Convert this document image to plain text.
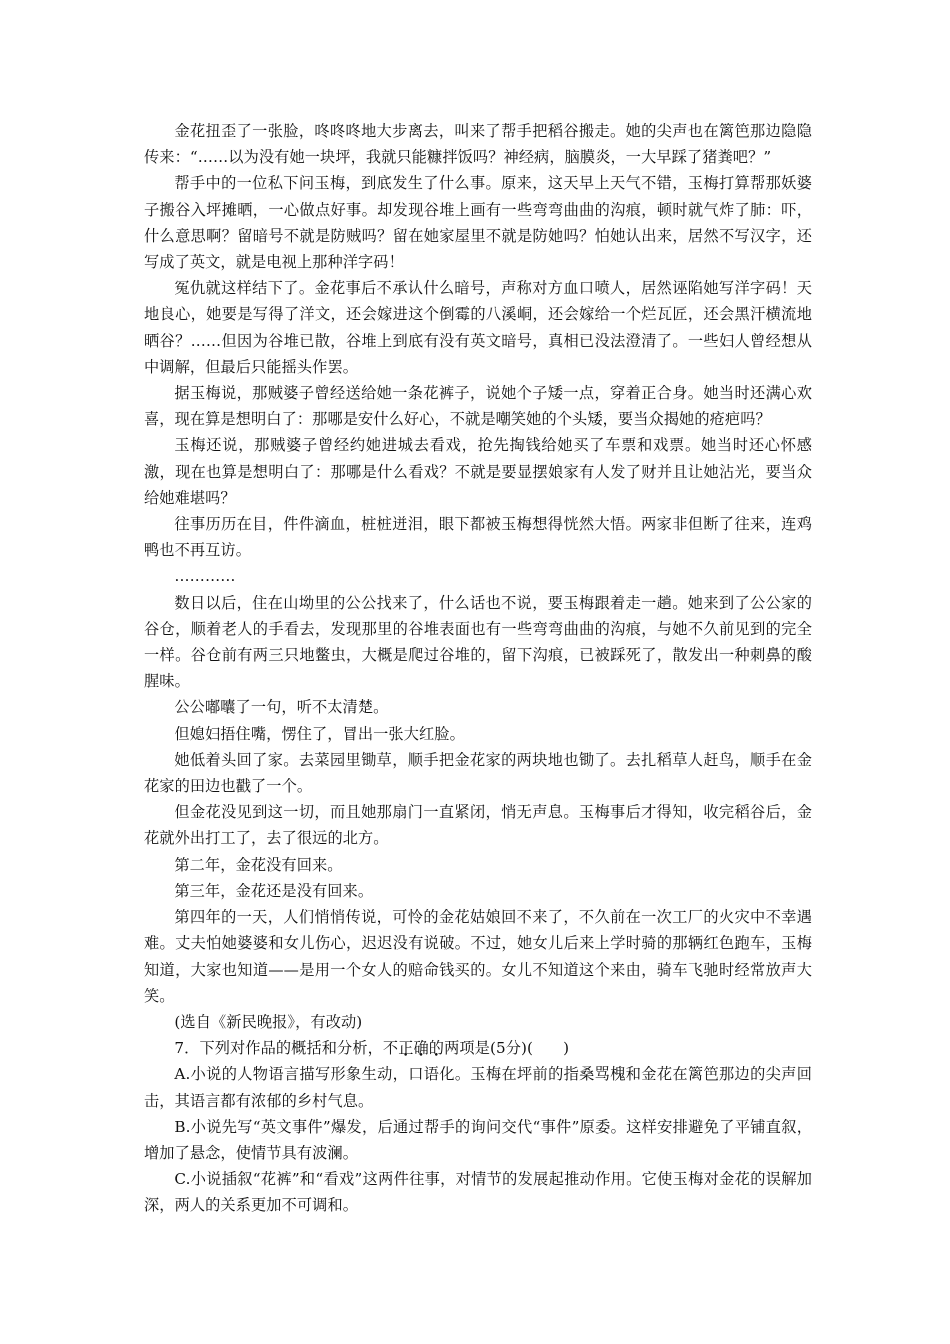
金花扭歪了一张脸，咚咚咚地大步离去，叫来了帮手把稻谷搬走。她的尖声也在篱笆那边隐隐传来：“……以为没有她一块坪，我就只能糠拌饭吗？神经病，脑膜炎，一大早踩了猪粪吧？”

帮手中的一位私下问玉梅，到底发生了什么事。原来，这天早上天气不错，玉梅打算帮那妖婆子搬谷入坪摊晒，一心做点好事。却发现谷堆上画有一些弯弯曲曲的沟痕，顿时就气炸了肺：吓，什么意思啊？留暗号不就是防贼吗？留在她家屋里不就是防她吗？怕她认出来，居然不写汉字，还写成了英文，就是电视上那种洋字码！

冤仇就这样结下了。金花事后不承认什么暗号，声称对方血口喷人，居然诬陷她写洋字码！天地良心，她要是写得了洋文，还会嫁进这个倒霉的八溪峒，还会嫁给一个烂瓦匠，还会黑汗横流地晒谷？……但因为谷堆已散，谷堆上到底有没有英文暗号，真相已没法澄清了。一些妇人曾经想从中调解，但最后只能摇头作罢。

据玉梅说，那贼婆子曾经送给她一条花裤子，说她个子矮一点，穿着正合身。她当时还满心欢喜，现在算是想明白了：那哪是安什么好心，不就是嘲笑她的个头矮，要当众揭她的疮疤吗？

玉梅还说，那贼婆子曾经约她进城去看戏，抢先掏钱给她买了车票和戏票。她当时还心怀感激，现在也算是想明白了：那哪是什么看戏？不就是要显摆娘家有人发了财并且让她沾光，要当众给她难堪吗？

往事历历在目，件件滴血，桩桩迸泪，眼下都被玉梅想得恍然大悟。两家非但断了往来，连鸡鸭也不再互访。

…………

数日以后，住在山坳里的公公找来了，什么话也不说，要玉梅跟着走一趟。她来到了公公家的谷仓，顺着老人的手看去，发现那里的谷堆表面也有一些弯弯曲曲的沟痕，与她不久前见到的完全一样。谷仓前有两三只地鳖虫，大概是爬过谷堆的，留下沟痕，已被踩死了，散发出一种刺鼻的酸腥味。

公公嘟囔了一句，听不太清楚。

但媳妇捂住嘴，愣住了，冒出一张大红脸。

她低着头回了家。去菜园里锄草，顺手把金花家的两块地也锄了。去扎稻草人赶鸟，顺手在金花家的田边也戳了一个。

但金花没见到这一切，而且她那扇门一直紧闭，悄无声息。玉梅事后才得知，收完稻谷后，金花就外出打工了，去了很远的北方。

第二年，金花没有回来。

第三年，金花还是没有回来。

第四年的一天，人们悄悄传说，可怜的金花姑娘回不来了，不久前在一次工厂的火灾中不幸遇难。丈夫怕她婆婆和女儿伤心，迟迟没有说破。不过，她女儿后来上学时骑的那辆红色跑车，玉梅知道，大家也知道——是用一个女人的赔命钱买的。女儿不知道这个来由，骑车飞驰时经常放声大笑。

(选自《新民晚报》，有改动)

7．下列对作品的概括和分析，不正确的两项是(5分)( )

A.小说的人物语言描写形象生动，口语化。玉梅在坪前的指桑骂槐和金花在篱笆那边的尖声回击，其语言都有浓郁的乡村气息。

B.小说先写“英文事件”爆发，后通过帮手的询问交代“事件”原委。这样安排避免了平铺直叙，增加了悬念，使情节具有波澜。

C.小说插叙“花裤”和“看戏”这两件往事，对情节的发展起推动作用。它使玉梅对金花的误解加深，两人的关系更加不可调和。
